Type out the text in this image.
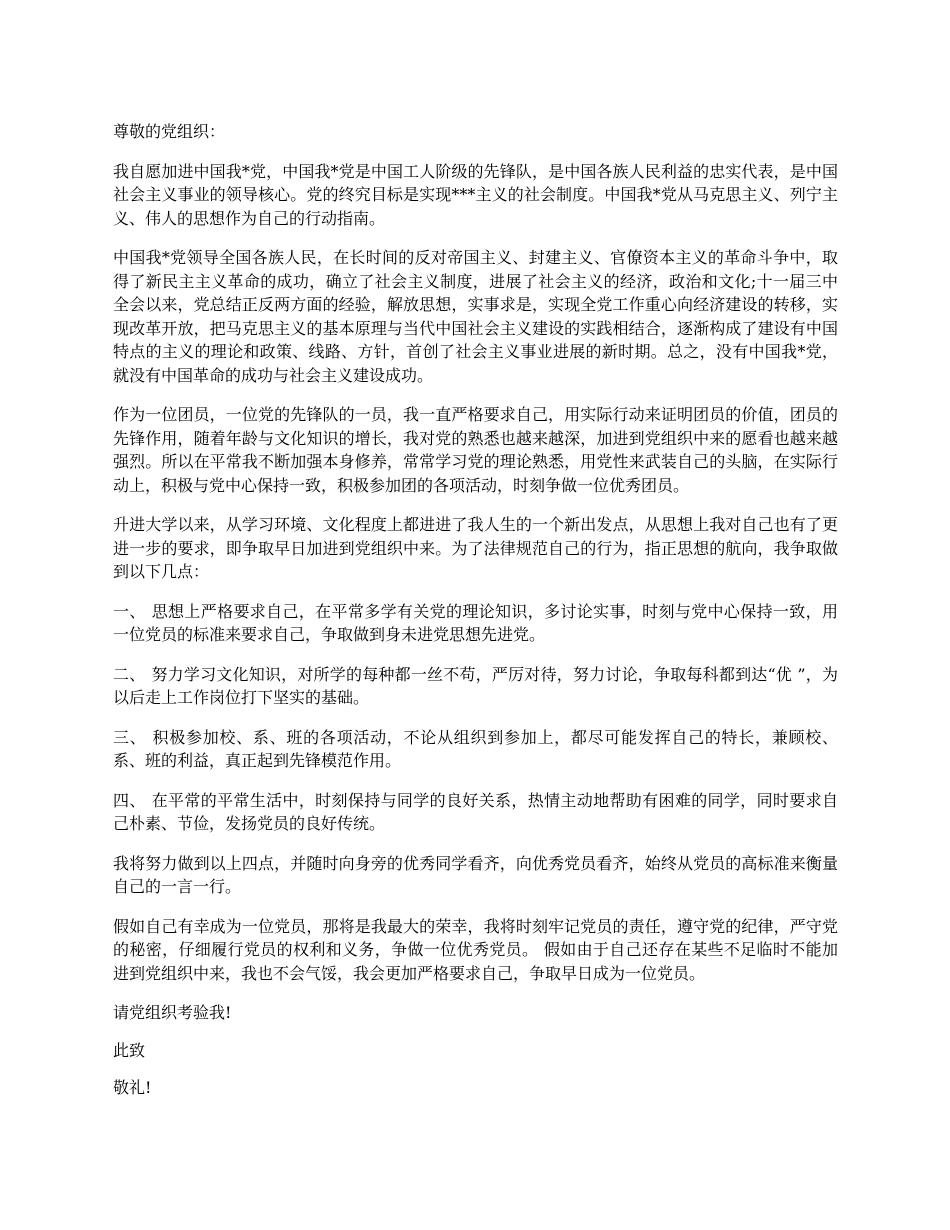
尊敬的党组织：

我自愿加进中国我*党，中国我*党是中国工人阶级的先锋队，是中国各族人民利益的忠实代表，是中国社会主义事业的领导核心。党的终究目标是实现***主义的社会制度。中国我*党从马克思主义、列宁主义、伟人的思想作为自己的行动指南。

中国我*党领导全国各族人民，在长时间的反对帝国主义、封建主义、官僚资本主义的革命斗争中，取得了新民主主义革命的成功，确立了社会主义制度，进展了社会主义的经济，政治和文化;十一届三中全会以来，党总结正反两方面的经验，解放思想，实事求是，实现全党工作重心向经济建设的转移，实现改革开放，把马克思主义的基本原理与当代中国社会主义建设的实践相结合，逐渐构成了建设有中国特点的主义的理论和政策、线路、方针，首创了社会主义事业进展的新时期。总之，没有中国我*党，就没有中国革命的成功与社会主义建设成功。

作为一位团员，一位党的先锋队的一员，我一直严格要求自己，用实际行动来证明团员的价值，团员的先锋作用，随着年龄与文化知识的增长，我对党的熟悉也越来越深，加进到党组织中来的愿看也越来越强烈。所以在平常我不断加强本身修养，常常学习党的理论熟悉，用党性来武装自己的头脑，在实际行动上，积极与党中心保持一致，积极参加团的各项活动，时刻争做一位优秀团员。

升进大学以来，从学习环境、文化程度上都进进了我人生的一个新出发点，从思想上我对自己也有了更进一步的要求，即争取早日加进到党组织中来。为了法律规范自己的行为，指正思想的航向，我争取做到以下几点：

一、 思想上严格要求自己，在平常多学有关党的理论知识，多讨论实事，时刻与党中心保持一致，用一位党员的标准来要求自己，争取做到身未进党思想先进党。

二、 努力学习文化知识，对所学的每种都一丝不苟，严厉对待，努力讨论，争取每科都到达“优 ”，为以后走上工作岗位打下坚实的基础。

三、 积极参加校、系、班的各项活动，不论从组织到参加上，都尽可能发挥自己的特长，兼顾校、系、班的利益，真正起到先锋模范作用。

四、 在平常的平常生活中，时刻保持与同学的良好关系，热情主动地帮助有困难的同学，同时要求自己朴素、节俭，发扬党员的良好传统。

我将努力做到以上四点，并随时向身旁的优秀同学看齐，向优秀党员看齐，始终从党员的高标准来衡量自己的一言一行。

假如自己有幸成为一位党员，那将是我最大的荣幸，我将时刻牢记党员的责任，遵守党的纪律，严守党的秘密，仔细履行党员的权利和义务，争做一位优秀党员。 假如由于自己还存在某些不足临时不能加进到党组织中来，我也不会气馁，我会更加严格要求自己，争取早日成为一位党员。

请党组织考验我!

此致

敬礼!
